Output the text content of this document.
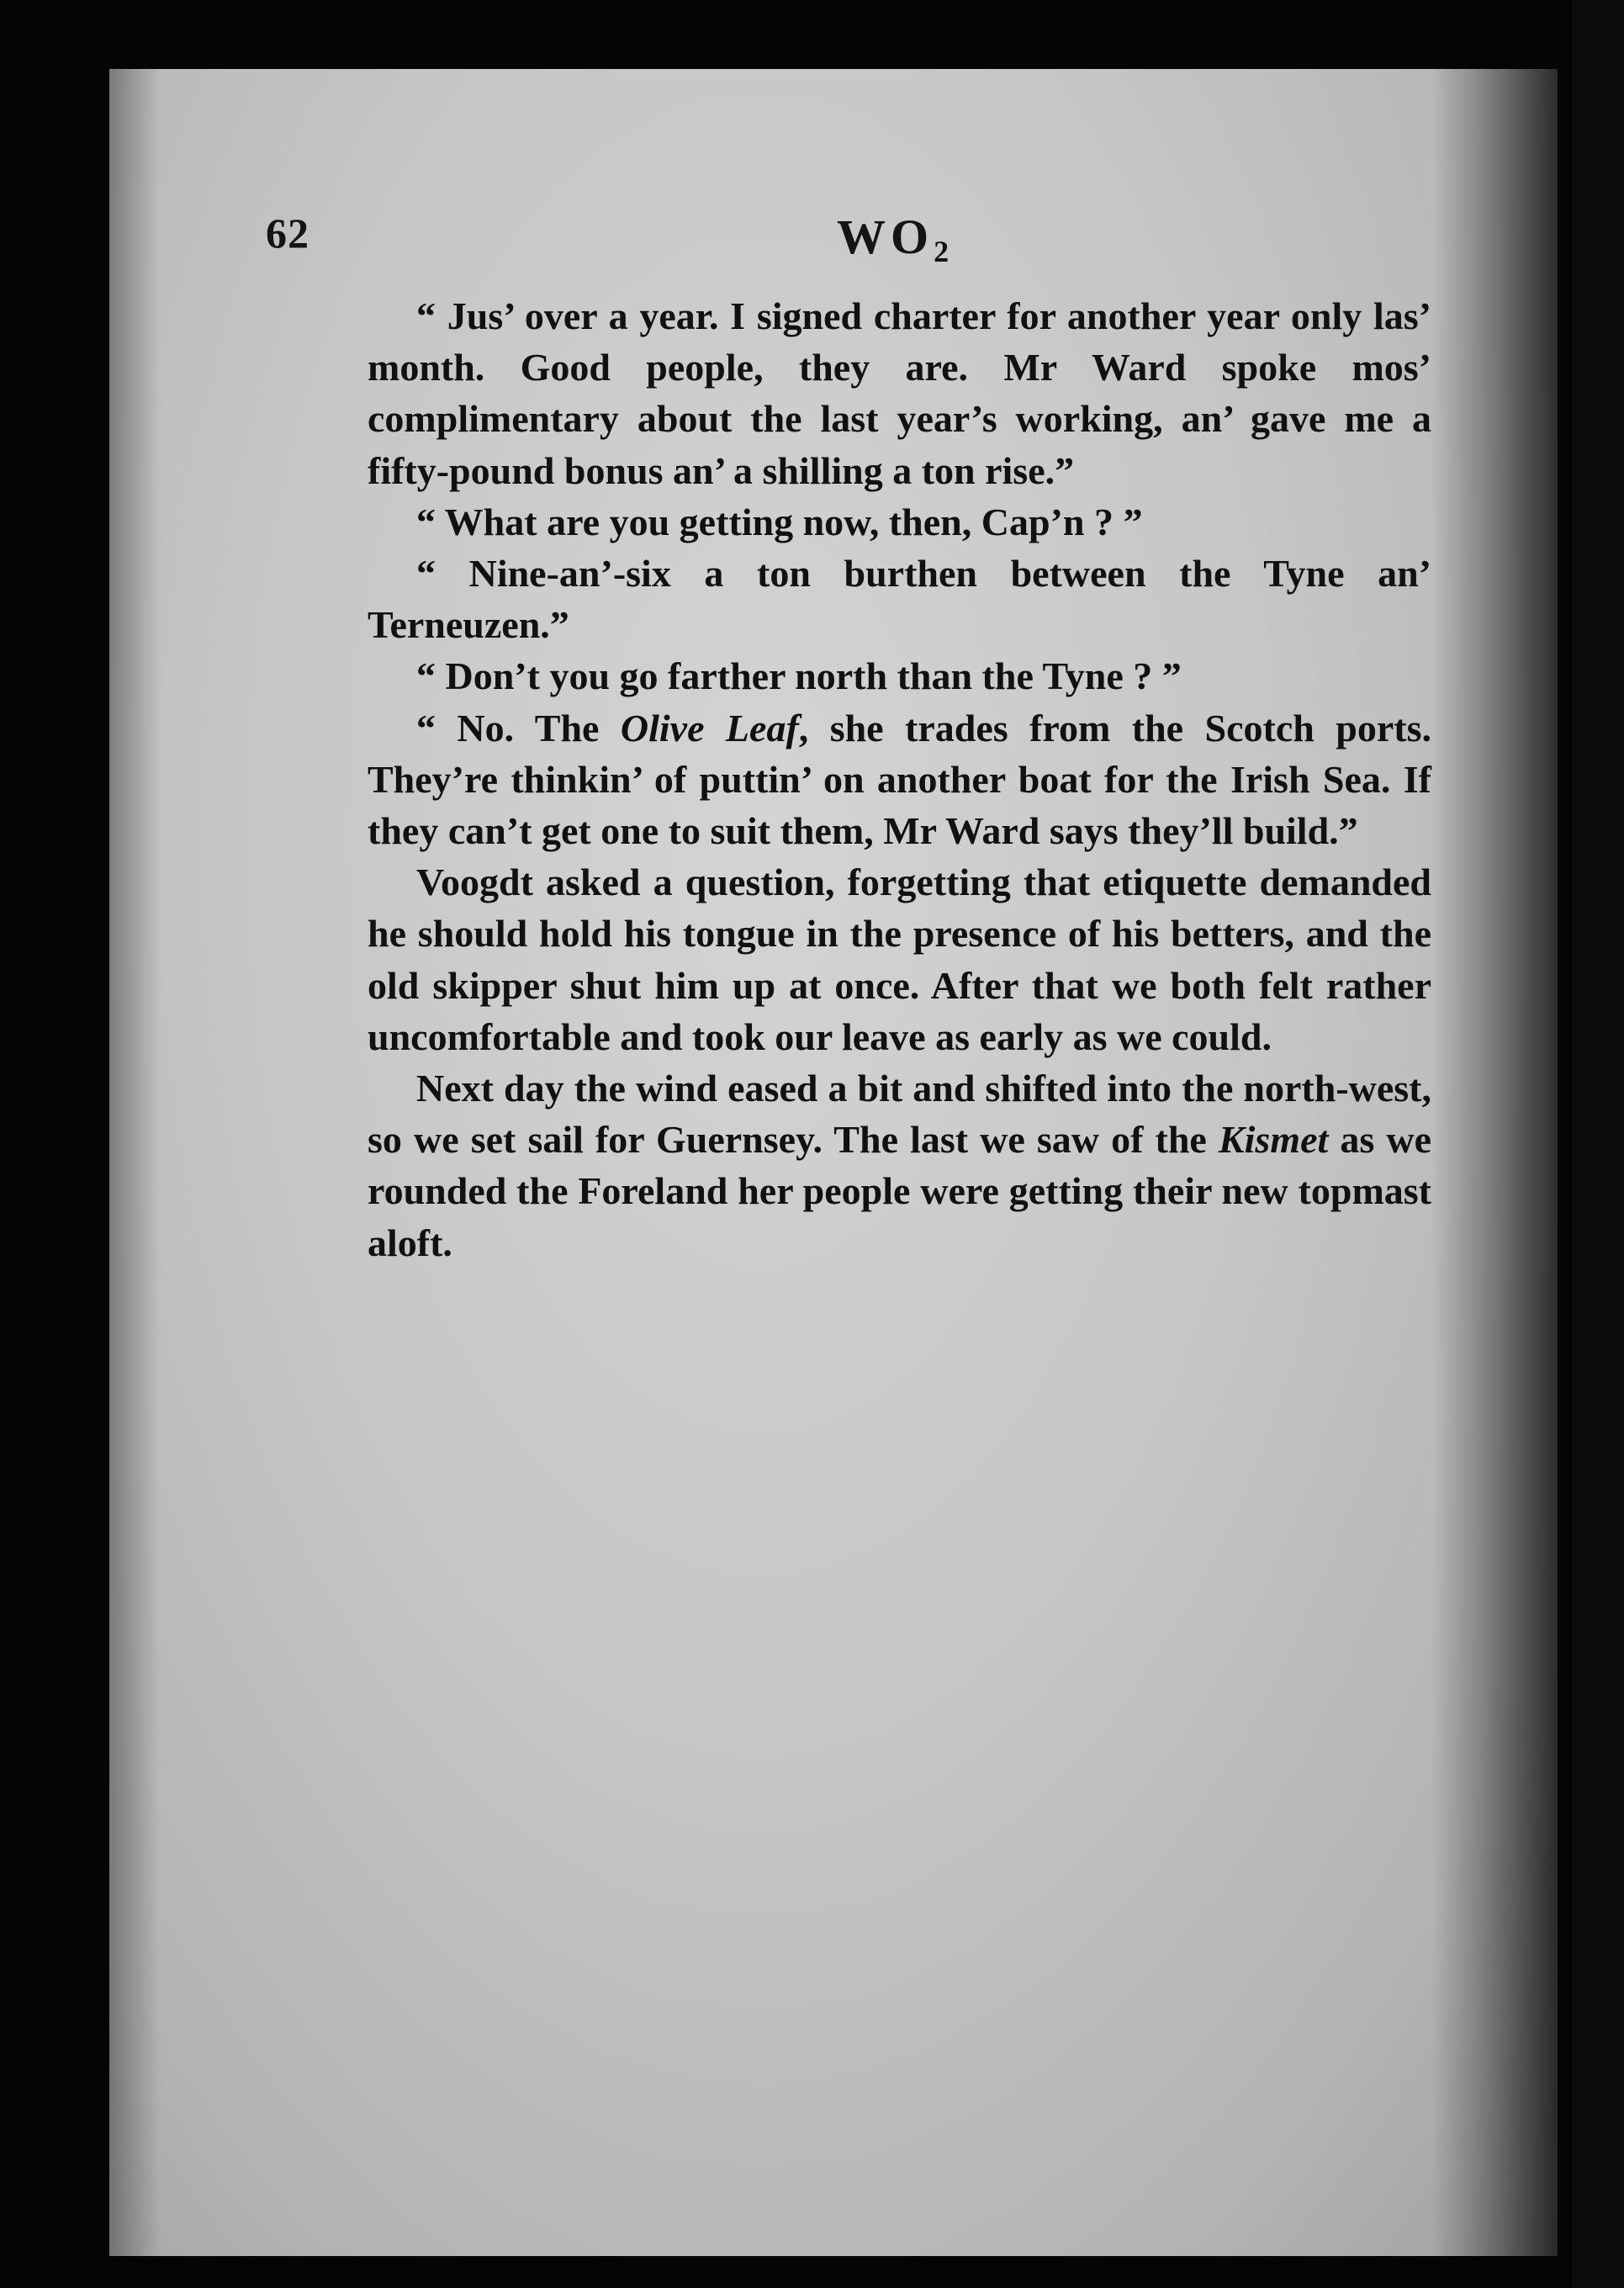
62	WO2

“ Jus’ over a year. I signed charter for another year only las’ month. Good people, they are. Mr Ward spoke mos’ complimentary about the last year’s working, an’ gave me a fifty-pound bonus an’ a shilling a ton rise.”

“ What are you getting now, then, Cap’n ? ”

“ Nine-an’-six a ton burthen between the Tyne an’ Terneuzen.”

“ Don’t you go farther north than the Tyne ? ”

“ No. The Olive Leaf, she trades from the Scotch ports. They’re thinkin’ of puttin’ on another boat for the Irish Sea. If they can’t get one to suit them, Mr Ward says they’ll build.”

Voogdt asked a question, forgetting that etiquette demanded he should hold his tongue in the presence of his betters, and the old skipper shut him up at once. After that we both felt rather uncomfortable and took our leave as early as we could.

Next day the wind eased a bit and shifted into the north-west, so we set sail for Guernsey. The last we saw of the Kismet as we rounded the Foreland her people were getting their new topmast aloft.
